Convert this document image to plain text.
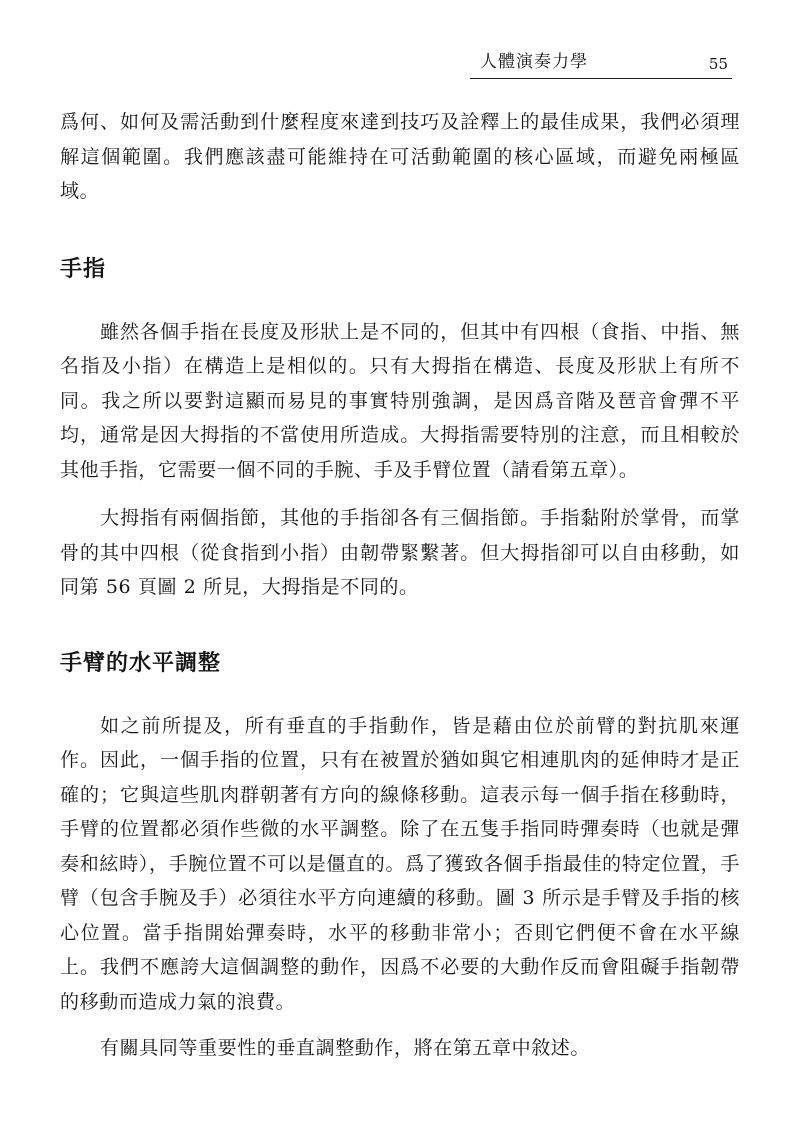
人體演奏力學	55

爲何、如何及需活動到什麼程度來達到技巧及詮釋上的最佳成果，我們必須理解這個範圍。我們應該盡可能維持在可活動範圍的核心區域，而避免兩極區域。

手指

雖然各個手指在長度及形狀上是不同的，但其中有四根（食指、中指、無名指及小指）在構造上是相似的。只有大拇指在構造、長度及形狀上有所不同。我之所以要對這顯而易見的事實特別強調，是因爲音階及琶音會彈不平均，通常是因大拇指的不當使用所造成。大拇指需要特別的注意，而且相較於其他手指，它需要一個不同的手腕、手及手臂位置（請看第五章）。

大拇指有兩個指節，其他的手指卻各有三個指節。手指黏附於掌骨，而掌骨的其中四根（從食指到小指）由韌帶緊繫著。但大拇指卻可以自由移動，如同第 56 頁圖 2 所見，大拇指是不同的。

手臂的水平調整

如之前所提及，所有垂直的手指動作，皆是藉由位於前臂的對抗肌來運作。因此，一個手指的位置，只有在被置於猶如與它相連肌肉的延伸時才是正確的；它與這些肌肉群朝著有方向的線條移動。這表示每一個手指在移動時，手臂的位置都必須作些微的水平調整。除了在五隻手指同時彈奏時（也就是彈奏和絃時），手腕位置不可以是僵直的。爲了獲致各個手指最佳的特定位置，手臂（包含手腕及手）必須往水平方向連續的移動。圖 3 所示是手臂及手指的核心位置。當手指開始彈奏時，水平的移動非常小；否則它們便不會在水平線上。我們不應誇大這個調整的動作，因爲不必要的大動作反而會阻礙手指韌帶的移動而造成力氣的浪費。

有關具同等重要性的垂直調整動作，將在第五章中敘述。
